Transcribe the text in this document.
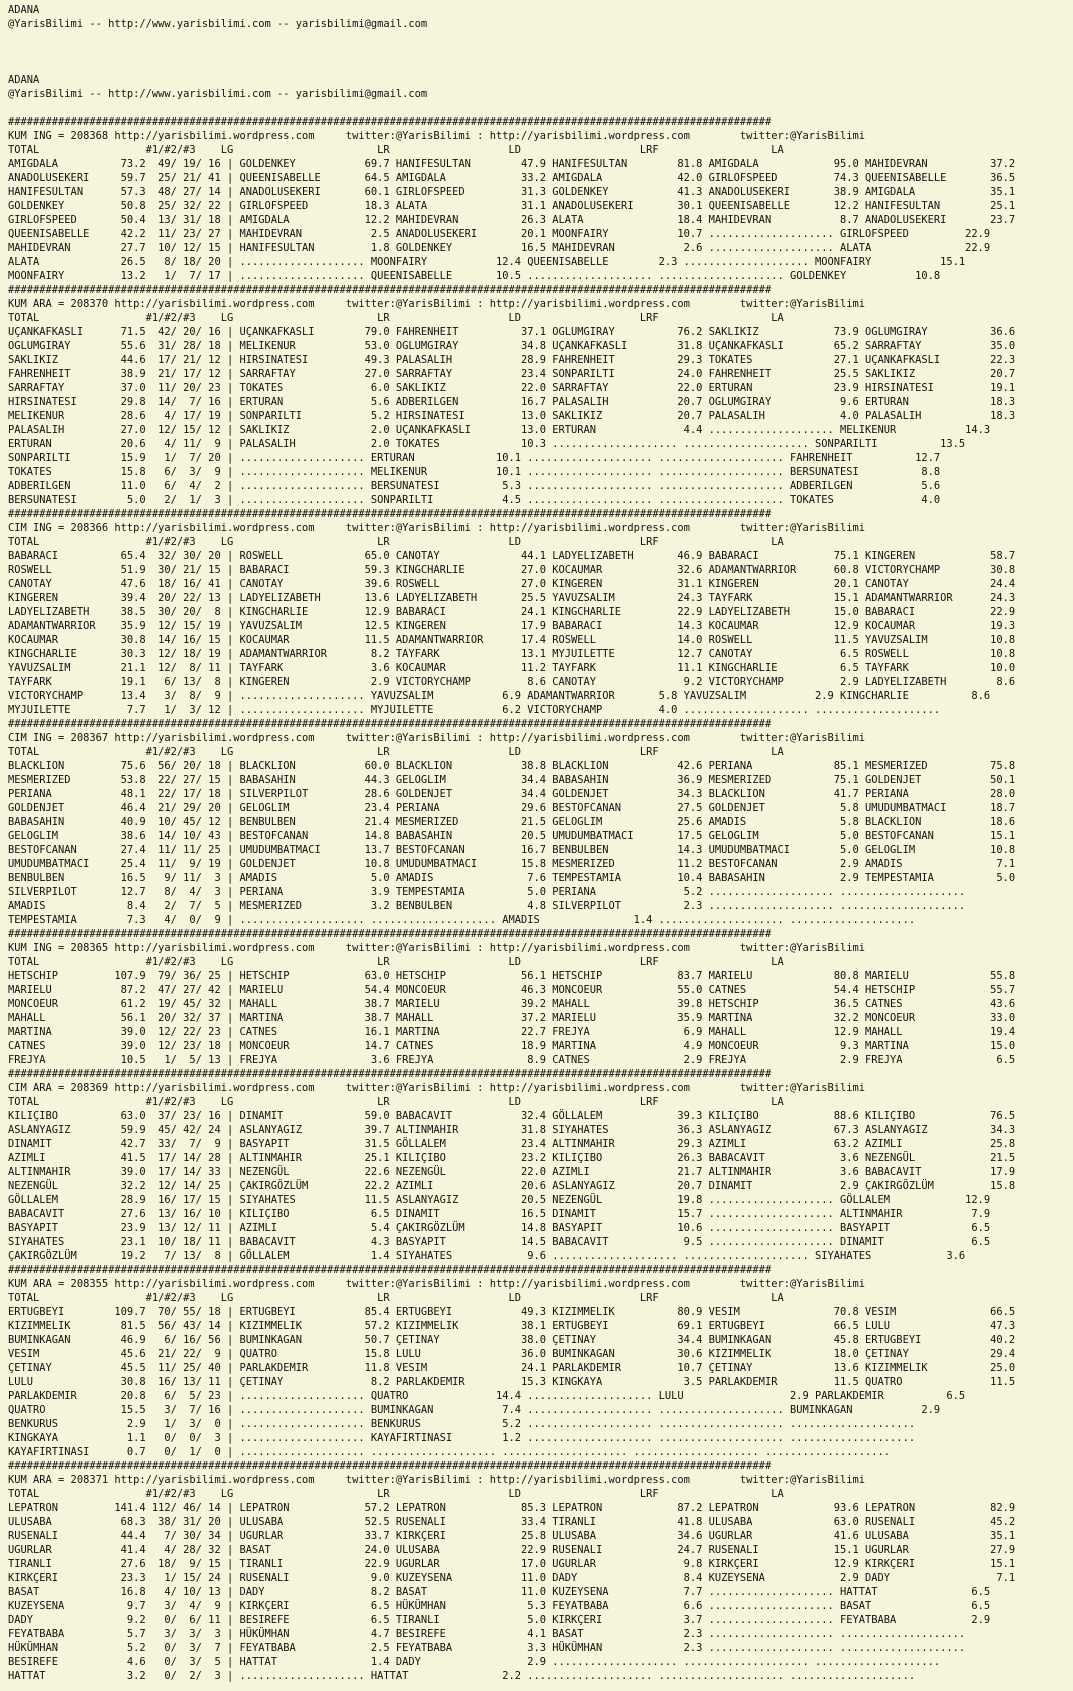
ADANA
@YarisBilimi -- http://www.yarisbilimi.com -- yarisbilimi@gmail.com

ADANA
@YarisBilimi -- http://www.yarisbilimi.com -- yarisbilimi@gmail.com

##########################################################################################################################
KUM ING = 208368 http://yarisbilimi.wordpress.com     twitter:@YarisBilimi : http://yarisbilimi.wordpress.com        twitter:@YarisBilimi
TOTAL                 #1/#2/#3    LG                       LR                   LD                   LRF                  LA
AMIGDALA          73.2  49/ 19/ 16 | GOLDENKEY           69.7 HANIFESULTAN        47.9 HANIFESULTAN        81.8 AMIGDALA            95.0 MAHIDEVRAN          37.2
ANADOLUSEKERI     59.7  25/ 21/ 41 | QUEENISABELLE       64.5 AMIGDALA            33.2 AMIGDALA            42.0 GIRLOFSPEED         74.3 QUEENISABELLE       36.5
HANIFESULTAN      57.3  48/ 27/ 14 | ANADOLUSEKERI       60.1 GIRLOFSPEED         31.3 GOLDENKEY           41.3 ANADOLUSEKERI       38.9 AMIGDALA            35.1
GOLDENKEY         50.8  25/ 32/ 22 | GIRLOFSPEED         18.3 ALATA               31.1 ANADOLUSEKERI       30.1 QUEENISABELLE       12.2 HANIFESULTAN        25.1
GIRLOFSPEED       50.4  13/ 31/ 18 | AMIGDALA            12.2 MAHIDEVRAN          26.3 ALATA               18.4 MAHIDEVRAN           8.7 ANADOLUSEKERI       23.7
QUEENISABELLE     42.2  11/ 23/ 27 | MAHIDEVRAN           2.5 ANADOLUSEKERI       20.1 MOONFAIRY           10.7 .................... GIRLOFSPEED         22.9
MAHIDEVRAN        27.7  10/ 12/ 15 | HANIFESULTAN         1.8 GOLDENKEY           16.5 MAHIDEVRAN           2.6 .................... ALATA               22.9
ALATA             26.5   8/ 18/ 20 | .................... MOONFAIRY           12.4 QUEENISABELLE        2.3 .................... MOONFAIRY           15.1
MOONFAIRY         13.2   1/  7/ 17 | .................... QUEENISABELLE       10.5 .................... .................... GOLDENKEY           10.8
##########################################################################################################################
KUM ARA = 208370 http://yarisbilimi.wordpress.com     twitter:@YarisBilimi : http://yarisbilimi.wordpress.com        twitter:@YarisBilimi
TOTAL                 #1/#2/#3    LG                       LR                   LD                   LRF                  LA
UÇANKAFKASLI      71.5  42/ 20/ 16 | UÇANKAFKASLI        79.0 FAHRENHEIT          37.1 OGLUMGIRAY          76.2 SAKLIKIZ            73.9 OGLUMGIRAY          36.6
OGLUMGIRAY        55.6  31/ 28/ 18 | MELIKENUR           53.0 OGLUMGIRAY          34.8 UÇANKAFKASLI        31.8 UÇANKAFKASLI        65.2 SARRAFTAY           35.0
SAKLIKIZ          44.6  17/ 21/ 12 | HIRSINATESI         49.3 PALASALIH           28.9 FAHRENHEIT          29.3 TOKATES             27.1 UÇANKAFKASLI        22.3
FAHRENHEIT        38.9  21/ 17/ 12 | SARRAFTAY           27.0 SARRAFTAY           23.4 SONPARILTI          24.0 FAHRENHEIT          25.5 SAKLIKIZ            20.7
SARRAFTAY         37.0  11/ 20/ 23 | TOKATES              6.0 SAKLIKIZ            22.0 SARRAFTAY           22.0 ERTURAN             23.9 HIRSINATESI         19.1
HIRSINATESI       29.8  14/  7/ 16 | ERTURAN              5.6 ADBERILGEN          16.7 PALASALIH           20.7 OGLUMGIRAY           9.6 ERTURAN             18.3
MELIKENUR         28.6   4/ 17/ 19 | SONPARILTI           5.2 HIRSINATESI         13.0 SAKLIKIZ            20.7 PALASALIH            4.0 PALASALIH           18.3
PALASALIH         27.0  12/ 15/ 12 | SAKLIKIZ             2.0 UÇANKAFKASLI        13.0 ERTURAN              4.4 .................... MELIKENUR           14.3
ERTURAN           20.6   4/ 11/  9 | PALASALIH            2.0 TOKATES             10.3 .................... .................... SONPARILTI          13.5
SONPARILTI        15.9   1/  7/ 20 | .................... ERTURAN             10.1 .................... .................... FAHRENHEIT          12.7
TOKATES           15.8   6/  3/  9 | .................... MELIKENUR           10.1 .................... .................... BERSUNATESI          8.8
ADBERILGEN        11.0   6/  4/  2 | .................... BERSUNATESI          5.3 .................... .................... ADBERILGEN           5.6
BERSUNATESI        5.0   2/  1/  3 | .................... SONPARILTI           4.5 .................... .................... TOKATES              4.0
##########################################################################################################################
CIM ING = 208366 http://yarisbilimi.wordpress.com     twitter:@YarisBilimi : http://yarisbilimi.wordpress.com        twitter:@YarisBilimi
TOTAL                 #1/#2/#3    LG                       LR                   LD                   LRF                  LA
BABARACI          65.4  32/ 30/ 20 | ROSWELL             65.0 CANOTAY             44.1 LADYELIZABETH       46.9 BABARACI            75.1 KINGEREN            58.7
ROSWELL           51.9  30/ 21/ 15 | BABARACI            59.3 KINGCHARLIE         27.0 KOCAUMAR            32.6 ADAMANTWARRIOR      60.8 VICTORYCHAMP        30.8
CANOTAY           47.6  18/ 16/ 41 | CANOTAY             39.6 ROSWELL             27.0 KINGEREN            31.1 KINGEREN            20.1 CANOTAY             24.4
KINGEREN          39.4  20/ 22/ 13 | LADYELIZABETH       13.6 LADYELIZABETH       25.5 YAVUZSALIM          24.3 TAYFARK             15.1 ADAMANTWARRIOR      24.3
LADYELIZABETH     38.5  30/ 20/  8 | KINGCHARLIE         12.9 BABARACI            24.1 KINGCHARLIE         22.9 LADYELIZABETH       15.0 BABARACI            22.9
ADAMANTWARRIOR    35.9  12/ 15/ 19 | YAVUZSALIM          12.5 KINGEREN            17.9 BABARACI            14.3 KOCAUMAR            12.9 KOCAUMAR            19.3
KOCAUMAR          30.8  14/ 16/ 15 | KOCAUMAR            11.5 ADAMANTWARRIOR      17.4 ROSWELL             14.0 ROSWELL             11.5 YAVUZSALIM          10.8
KINGCHARLIE       30.3  12/ 18/ 19 | ADAMANTWARRIOR       8.2 TAYFARK             13.1 MYJUILETTE          12.7 CANOTAY              6.5 ROSWELL             10.8
YAVUZSALIM        21.1  12/  8/ 11 | TAYFARK              3.6 KOCAUMAR            11.2 TAYFARK             11.1 KINGCHARLIE          6.5 TAYFARK             10.0
TAYFARK           19.1   6/ 13/  8 | KINGEREN             2.9 VICTORYCHAMP         8.6 CANOTAY              9.2 VICTORYCHAMP         2.9 LADYELIZABETH        8.6
VICTORYCHAMP      13.4   3/  8/  9 | .................... YAVUZSALIM           6.9 ADAMANTWARRIOR       5.8 YAVUZSALIM           2.9 KINGCHARLIE          8.6
MYJUILETTE         7.7   1/  3/ 12 | .................... MYJUILETTE           6.2 VICTORYCHAMP         4.0 .................... ....................
##########################################################################################################################
CIM ING = 208367 http://yarisbilimi.wordpress.com     twitter:@YarisBilimi : http://yarisbilimi.wordpress.com        twitter:@YarisBilimi
TOTAL                 #1/#2/#3    LG                       LR                   LD                   LRF                  LA
BLACKLION         75.6  56/ 20/ 18 | BLACKLION           60.0 BLACKLION           38.8 BLACKLION           42.6 PERIANA             85.1 MESMERIZED          75.8
MESMERIZED        53.8  22/ 27/ 15 | BABASAHIN           44.3 GELOGLIM            34.4 BABASAHIN           36.9 MESMERIZED          75.1 GOLDENJET           50.1
PERIANA           48.1  22/ 17/ 18 | SILVERPILOT         28.6 GOLDENJET           34.4 GOLDENJET           34.3 BLACKLION           41.7 PERIANA             28.0
GOLDENJET         46.4  21/ 29/ 20 | GELOGLIM            23.4 PERIANA             29.6 BESTOFCANAN         27.5 GOLDENJET            5.8 UMUDUMBATMACI       18.7
BABASAHIN         40.9  10/ 45/ 12 | BENBULBEN           21.4 MESMERIZED          21.5 GELOGLIM            25.6 AMADIS               5.8 BLACKLION           18.6
GELOGLIM          38.6  14/ 10/ 43 | BESTOFCANAN         14.8 BABASAHIN           20.5 UMUDUMBATMACI       17.5 GELOGLIM             5.0 BESTOFCANAN         15.1
BESTOFCANAN       27.4  11/ 11/ 25 | UMUDUMBATMACI       13.7 BESTOFCANAN         16.7 BENBULBEN           14.3 UMUDUMBATMACI        5.0 GELOGLIM            10.8
UMUDUMBATMACI     25.4  11/  9/ 19 | GOLDENJET           10.8 UMUDUMBATMACI       15.8 MESMERIZED          11.2 BESTOFCANAN          2.9 AMADIS               7.1
BENBULBEN         16.5   9/ 11/  3 | AMADIS               5.0 AMADIS               7.6 TEMPESTAMIA         10.4 BABASAHIN            2.9 TEMPESTAMIA          5.0
SILVERPILOT       12.7   8/  4/  3 | PERIANA              3.9 TEMPESTAMIA          5.0 PERIANA              5.2 .................... ....................
AMADIS             8.4   2/  7/  5 | MESMERIZED           3.2 BENBULBEN            4.8 SILVERPILOT          2.3 .................... ....................
TEMPESTAMIA        7.3   4/  0/  9 | .................... .................... AMADIS               1.4 .................... ....................
##########################################################################################################################
KUM ING = 208365 http://yarisbilimi.wordpress.com     twitter:@YarisBilimi : http://yarisbilimi.wordpress.com        twitter:@YarisBilimi
TOTAL                 #1/#2/#3    LG                       LR                   LD                   LRF                  LA
HETSCHIP         107.9  79/ 36/ 25 | HETSCHIP            63.0 HETSCHIP            56.1 HETSCHIP            83.7 MARIELU             80.8 MARIELU             55.8
MARIELU           87.2  47/ 27/ 42 | MARIELU             54.4 MONCOEUR            46.3 MONCOEUR            55.0 CATNES              54.4 HETSCHIP            55.7
MONCOEUR          61.2  19/ 45/ 32 | MAHALL              38.7 MARIELU             39.2 MAHALL              39.8 HETSCHIP            36.5 CATNES              43.6
MAHALL            56.1  20/ 32/ 37 | MARTINA             38.7 MAHALL              37.2 MARIELU             35.9 MARTINA             32.2 MONCOEUR            33.0
MARTINA           39.0  12/ 22/ 23 | CATNES              16.1 MARTINA             22.7 FREJYA               6.9 MAHALL              12.9 MAHALL              19.4
CATNES            39.0  12/ 23/ 18 | MONCOEUR            14.7 CATNES              18.9 MARTINA              4.9 MONCOEUR             9.3 MARTINA             15.0
FREJYA            10.5   1/  5/ 13 | FREJYA               3.6 FREJYA               8.9 CATNES               2.9 FREJYA               2.9 FREJYA               6.5
##########################################################################################################################
CIM ARA = 208369 http://yarisbilimi.wordpress.com     twitter:@YarisBilimi : http://yarisbilimi.wordpress.com        twitter:@YarisBilimi
TOTAL                 #1/#2/#3    LG                       LR                   LD                   LRF                  LA
KILIÇIBO          63.0  37/ 23/ 16 | DINAMIT             59.0 BABACAVIT           32.4 GÖLLALEM            39.3 KILIÇIBO            88.6 KILIÇIBO            76.5
ASLANYAGIZ        59.9  45/ 42/ 24 | ASLANYAGIZ          39.7 ALTINMAHIR          31.8 SIYAHATES           36.3 ASLANYAGIZ          67.3 ASLANYAGIZ          34.3
DINAMIT           42.7  33/  7/  9 | BASYAPIT            31.5 GÖLLALEM            23.4 ALTINMAHIR          29.3 AZIMLI              63.2 AZIMLI              25.8
AZIMLI            41.5  17/ 14/ 28 | ALTINMAHIR          25.1 KILIÇIBO            23.2 KILIÇIBO            26.3 BABACAVIT            3.6 NEZENGÜL            21.5
ALTINMAHIR        39.0  17/ 14/ 33 | NEZENGÜL            22.6 NEZENGÜL            22.0 AZIMLI              21.7 ALTINMAHIR           3.6 BABACAVIT           17.9
NEZENGÜL          32.2  12/ 14/ 25 | ÇAKIRGÖZLÜM         22.2 AZIMLI              20.6 ASLANYAGIZ          20.7 DINAMIT              2.9 ÇAKIRGÖZLÜM         15.8
GÖLLALEM          28.9  16/ 17/ 15 | SIYAHATES           11.5 ASLANYAGIZ          20.5 NEZENGÜL            19.8 .................... GÖLLALEM            12.9
BABACAVIT         27.6  13/ 16/ 10 | KILIÇIBO             6.5 DINAMIT             16.5 DINAMIT             15.7 .................... ALTINMAHIR           7.9
BASYAPIT          23.9  13/ 12/ 11 | AZIMLI               5.4 ÇAKIRGÖZLÜM         14.8 BASYAPIT            10.6 .................... BASYAPIT             6.5
SIYAHATES         23.1  10/ 18/ 11 | BABACAVIT            4.3 BASYAPIT            14.5 BABACAVIT            9.5 .................... DINAMIT              6.5
ÇAKIRGÖZLÜM       19.2   7/ 13/  8 | GÖLLALEM             1.4 SIYAHATES            9.6 .................... .................... SIYAHATES            3.6
##########################################################################################################################
KUM ARA = 208355 http://yarisbilimi.wordpress.com     twitter:@YarisBilimi : http://yarisbilimi.wordpress.com        twitter:@YarisBilimi
TOTAL                 #1/#2/#3    LG                       LR                   LD                   LRF                  LA
ERTUGBEYI        109.7  70/ 55/ 18 | ERTUGBEYI           85.4 ERTUGBEYI           49.3 KIZIMMELIK          80.9 VESIM               70.8 VESIM               66.5
KIZIMMELIK        81.5  56/ 43/ 14 | KIZIMMELIK          57.2 KIZIMMELIK          38.1 ERTUGBEYI           69.1 ERTUGBEYI           66.5 LULU                47.3
BUMINKAGAN        46.9   6/ 16/ 56 | BUMINKAGAN          50.7 ÇETINAY             38.0 ÇETINAY             34.4 BUMINKAGAN          45.8 ERTUGBEYI           40.2
VESIM             45.6  21/ 22/  9 | QUATRO              15.8 LULU                36.0 BUMINKAGAN          30.6 KIZIMMELIK          18.0 ÇETINAY             29.4
ÇETINAY           45.5  11/ 25/ 40 | PARLAKDEMIR         11.8 VESIM               24.1 PARLAKDEMIR         10.7 ÇETINAY             13.6 KIZIMMELIK          25.0
LULU              30.8  16/ 13/ 11 | ÇETINAY              8.2 PARLAKDEMIR         15.3 KINGKAYA             3.5 PARLAKDEMIR         11.5 QUATRO              11.5
PARLAKDEMIR       20.8   6/  5/ 23 | .................... QUATRO              14.4 .................... LULU                 2.9 PARLAKDEMIR          6.5
QUATRO            15.5   3/  7/ 16 | .................... BUMINKAGAN           7.4 .................... .................... BUMINKAGAN           2.9
BENKURUS           2.9   1/  3/  0 | .................... BENKURUS             5.2 .................... .................... ....................
KINGKAYA           1.1   0/  0/  3 | .................... KAYAFIRTINASI        1.2 .................... .................... ....................
KAYAFIRTINASI      0.7   0/  1/  0 | .................... .................... .................... .................... ....................
##########################################################################################################################
KUM ARA = 208371 http://yarisbilimi.wordpress.com     twitter:@YarisBilimi : http://yarisbilimi.wordpress.com        twitter:@YarisBilimi
TOTAL                 #1/#2/#3    LG                       LR                   LD                   LRF                  LA
LEPATRON         141.4 112/ 46/ 14 | LEPATRON            57.2 LEPATRON            85.3 LEPATRON            87.2 LEPATRON            93.6 LEPATRON            82.9
ULUSABA           68.3  38/ 31/ 20 | ULUSABA             52.5 RUSENALI            33.4 TIRANLI             41.8 ULUSABA             63.0 RUSENALI            45.2
RUSENALI          44.4   7/ 30/ 34 | UGURLAR             33.7 KIRKÇERI            25.8 ULUSABA             34.6 UGURLAR             41.6 ULUSABA             35.1
UGURLAR           41.4   4/ 28/ 32 | BASAT               24.0 ULUSABA             22.9 RUSENALI            24.7 RUSENALI            15.1 UGURLAR             27.9
TIRANLI           27.6  18/  9/ 15 | TIRANLI             22.9 UGURLAR             17.0 UGURLAR              9.8 KIRKÇERI            12.9 KIRKÇERI            15.1
KIRKÇERI          23.3   1/ 15/ 24 | RUSENALI             9.0 KUZEYSENA           11.0 DADY                 8.4 KUZEYSENA            2.9 DADY                 7.1
BASAT             16.8   4/ 10/ 13 | DADY                 8.2 BASAT               11.0 KUZEYSENA            7.7 .................... HATTAT               6.5
KUZEYSENA          9.7   3/  4/  9 | KIRKÇERI             6.5 HÜKÜMHAN             5.3 FEYATBABA            6.6 .................... BASAT                6.5
DADY               9.2   0/  6/ 11 | BESIREFE             6.5 TIRANLI              5.0 KIRKÇERI             3.7 .................... FEYATBABA            2.9
FEYATBABA          5.7   3/  3/  3 | HÜKÜMHAN             4.7 BESIREFE             4.1 BASAT                2.3 .................... ....................
HÜKÜMHAN           5.2   0/  3/  7 | FEYATBABA            2.5 FEYATBABA            3.3 HÜKÜMHAN             2.3 .................... ....................
BESIREFE           4.6   0/  3/  5 | HATTAT               1.4 DADY                 2.9 .................... .................... ....................
HATTAT             3.2   0/  2/  3 | .................... HATTAT               2.2 .................... .................... ....................
